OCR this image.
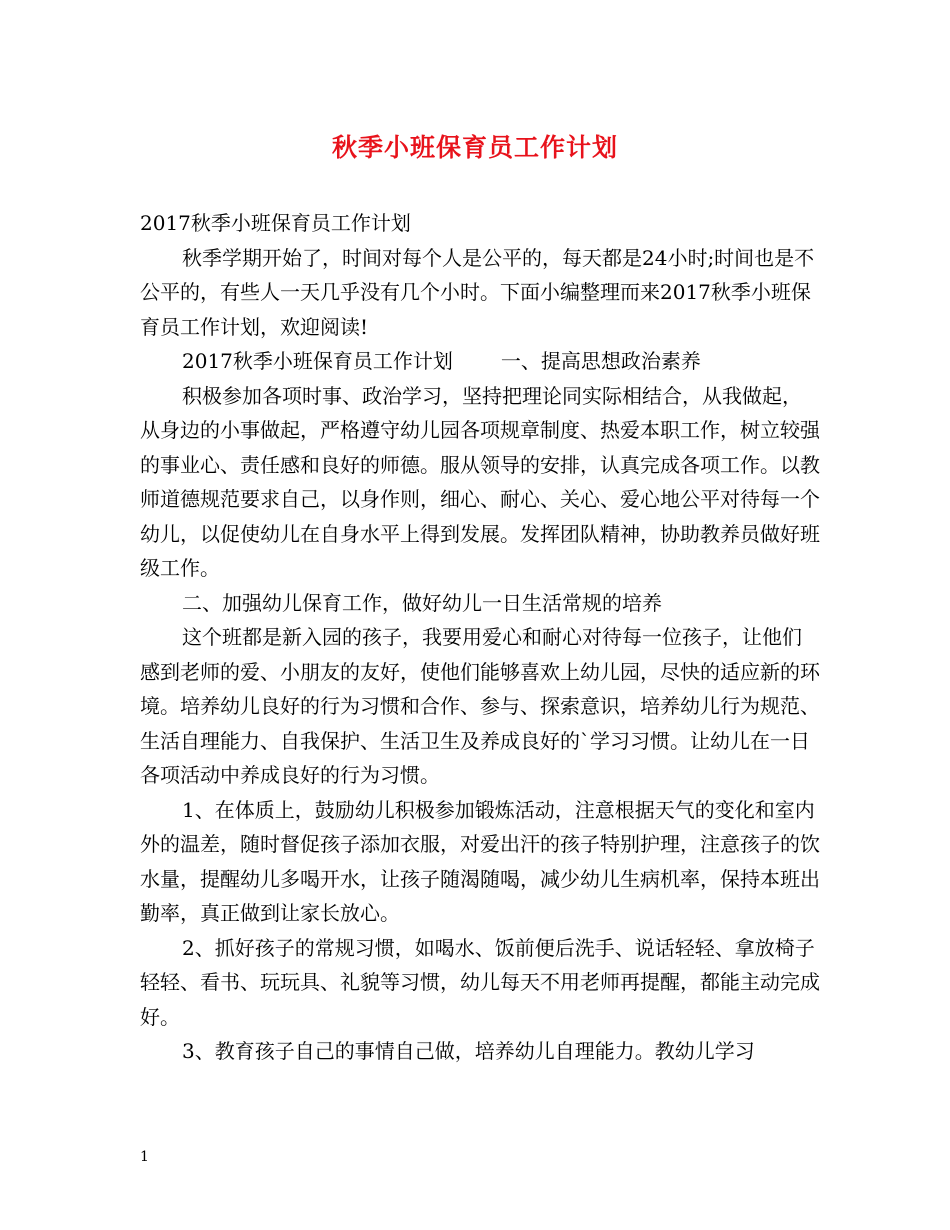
秋季小班保育员工作计划

2017秋季小班保育员工作计划

秋季学期开始了，时间对每个人是公平的，每天都是24小时;时间也是不公平的，有些人一天几乎没有几个小时。下面小编整理而来2017秋季小班保育员工作计划，欢迎阅读!

2017秋季小班保育员工作计划 一、提高思想政治素养

积极参加各项时事、政治学习，坚持把理论同实际相结合，从我做起，从身边的小事做起，严格遵守幼儿园各项规章制度、热爱本职工作，树立较强的事业心、责任感和良好的师德。服从领导的安排，认真完成各项工作。以教师道德规范要求自己，以身作则，细心、耐心、关心、爱心地公平对待每一个幼儿，以促使幼儿在自身水平上得到发展。发挥团队精神，协助教养员做好班级工作。

二、加强幼儿保育工作，做好幼儿一日生活常规的培养

这个班都是新入园的孩子，我要用爱心和耐心对待每一位孩子，让他们感到老师的爱、小朋友的友好，使他们能够喜欢上幼儿园，尽快的适应新的环境。培养幼儿良好的行为习惯和合作、参与、探索意识，培养幼儿行为规范、生活自理能力、自我保护、生活卫生及养成良好的`学习习惯。让幼儿在一日各项活动中养成良好的行为习惯。

1、在体质上，鼓励幼儿积极参加锻炼活动，注意根据天气的变化和室内外的温差，随时督促孩子添加衣服，对爱出汗的孩子特别护理，注意孩子的饮水量，提醒幼儿多喝开水，让孩子随渴随喝，减少幼儿生病机率，保持本班出勤率，真正做到让家长放心。

2、抓好孩子的常规习惯，如喝水、饭前便后洗手、说话轻轻、拿放椅子轻轻、看书、玩玩具、礼貌等习惯，幼儿每天不用老师再提醒，都能主动完成好。

3、教育孩子自己的事情自己做，培养幼儿自理能力。教幼儿学习

1
